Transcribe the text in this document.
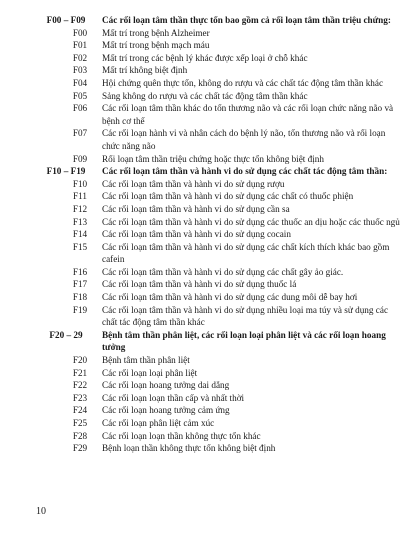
F00 – F09	Các rối loạn tâm thần thực tổn bao gồm cả rối loạn tâm thần triệu chứng:
F00	Mất trí trong bệnh Alzheimer
F01	Mất trí trong bệnh mạch máu
F02	Mất trí trong các bệnh lý khác được xếp loại ở chỗ khác
F03	Mất trí không biệt định
F04	Hội chứng quên thực tổn, không do rượu và các chất tác động tâm thần khác
F05	Sảng không do rượu và các chất tác động tâm thần khác
F06	Các rối loạn tâm thần khác do tổn thương não và các rối loạn chức năng não và bệnh cơ thể
F07	Các rối loạn hành vi và nhân cách do bệnh lý não, tổn thương não và rối loạn chức năng não
F09	Rối loạn tâm thần triệu chứng hoặc thực tổn không biệt định
F10 – F19	Các rối loạn tâm thần và hành vi do sử dụng các chất tác động tâm thần:
F10	Các rối loạn tâm thần và hành vi do sử dụng rượu
F11	Các rối loạn tâm thần và hành vi do sử dụng các chất có thuốc phiện
F12	Các rối loạn tâm thần và hành vi do sử dụng cần sa
F13	Các rối loạn tâm thần và hành vi do sử dụng các thuốc an dịu hoặc các thuốc ngủ
F14	Các rối loạn tâm thần và hành vi do sử dụng cocain
F15	Các rối loạn tâm thần và hành vi do sử dụng các chất kích thích khác bao gồm cafein
F16	Các rối loạn tâm thần và hành vi do sử dụng các chất gây ảo giác.
F17	Các rối loạn tâm thần và hành vi do sử dụng thuốc lá
F18	Các rối loạn tâm thần và hành vi do sử dụng các dung môi dễ bay hơi
F19	Các rối loạn tâm thần và hành vi do sử dụng nhiều loại ma túy và sử dụng các chất tác động tâm thần khác
F20 – 29	Bệnh tâm thần phân liệt, các rối loạn loại phân liệt và các rối loạn hoang tưởng
F20	Bệnh tâm thần phân liệt
F21	Các rối loạn loại phân liệt
F22	Các rối loạn hoang tưởng dai dẳng
F23	Các rối loạn loạn thần cấp và nhất thời
F24	Các rối loạn hoang tưởng cảm ứng
F25	Các rối loạn phân liệt cảm xúc
F28	Các rối loạn loạn thần không thực tổn khác
F29	Bệnh loạn thần không thực tổn không biệt định
10
